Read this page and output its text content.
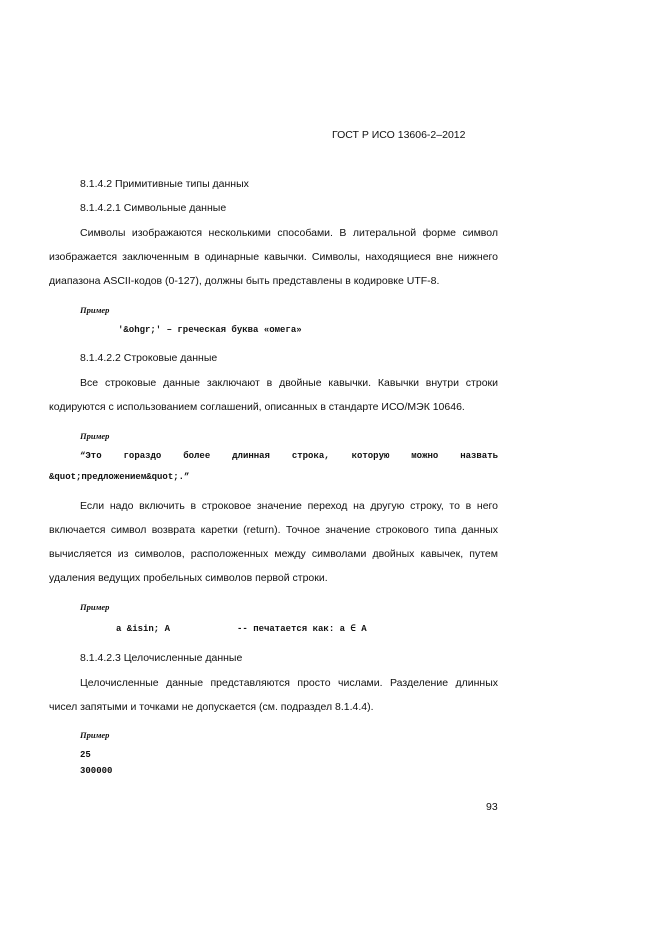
ГОСТ Р ИСО 13606-2–2012
8.1.4.2 Примитивные типы данных
8.1.4.2.1 Символьные данные
Символы изображаются несколькими способами. В литеральной форме символ
изображается заключенным в одинарные кавычки. Символы, находящиеся вне нижнего
диапазона ASCII-кодов (0-127), должны быть представлены в кодировке UTF-8.
Пример
'&ohgr;' – греческая буква «омега»
8.1.4.2.2 Строковые данные
Все строковые данные заключают в двойные кавычки. Кавычки внутри строки
кодируются с использованием соглашений, описанных в стандарте ИСО/МЭК 10646.
Пример
“Это гораздо более длинная строка, которую можно назвать
&quot;предложением&quot;.”
Если надо включить в строковое значение переход на другую строку, то в него
включается символ возврата каретки (return). Точное значение строкового типа данных
вычисляется из символов, расположенных между символами двойных кавычек, путем
удаления ведущих пробельных символов первой строки.
Пример
a &isin; A	-- печатается как: a ∈ A
8.1.4.2.3 Целочисленные данные
Целочисленные данные представляются просто числами. Разделение длинных
чисел запятыми и точками не допускается (см. подраздел 8.1.4.4).
Пример
25
300000
93
